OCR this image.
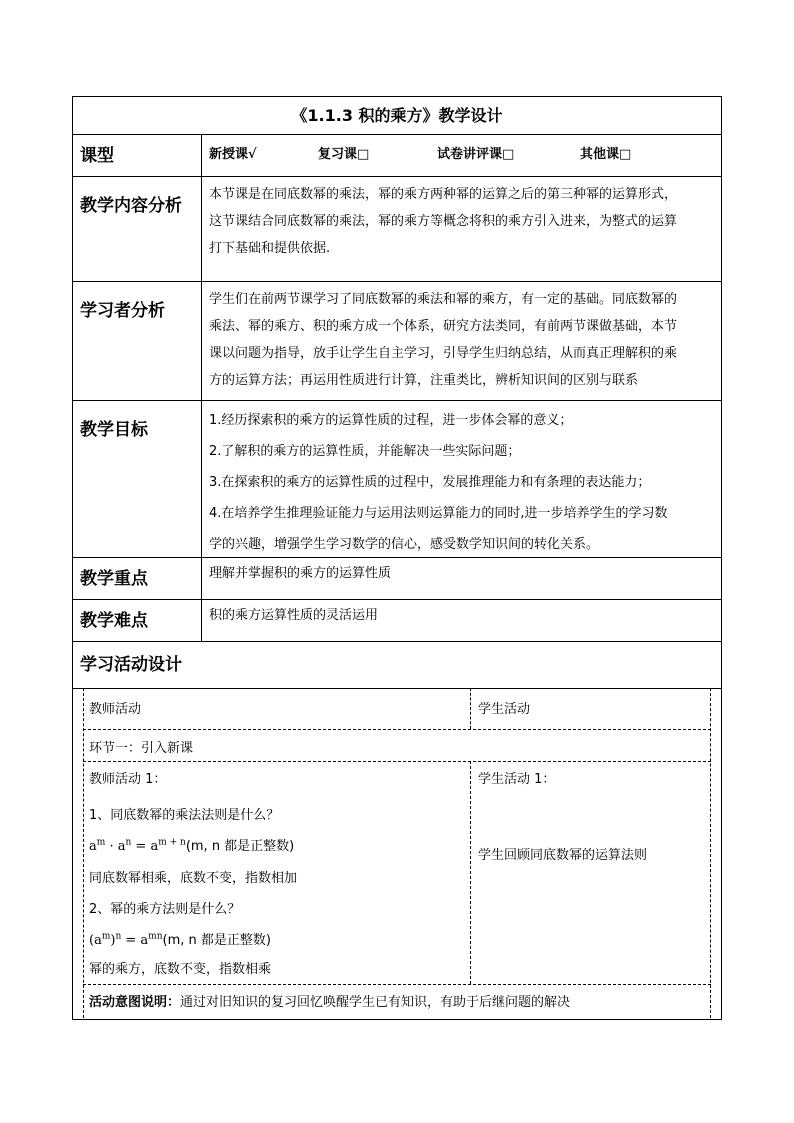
《1.1.3 积的乘方》教学设计
课型	新授课√	复习课□	试卷讲评课□	其他课□
教学内容分析
本节课是在同底数幂的乘法，幂的乘方两种幂的运算之后的第三种幂的运算形式，
这节课结合同底数幂的乘法，幂的乘方等概念将积的乘方引入进来，为整式的运算
打下基础和提供依据.
学习者分析
学生们在前两节课学习了同底数幂的乘法和幂的乘方，有一定的基础。同底数幂的
乘法、幂的乘方、积的乘方成一个体系，研究方法类同，有前两节课做基础，本节
课以问题为指导，放手让学生自主学习，引导学生归纳总结，从而真正理解积的乘
方的运算方法；再运用性质进行计算，注重类比，辨析知识间的区别与联系
教学目标	1.经历探索积的乘方的运算性质的过程，进一步体会幂的意义；
2.了解积的乘方的运算性质，并能解决一些实际问题；
3.在探索积的乘方的运算性质的过程中，发展推理能力和有条理的表达能力；
4.在培养学生推理验证能力与运用法则运算能力的同时,进一步培养学生的学习数
学的兴趣，增强学生学习数学的信心，感受数学知识间的转化关系。
教学重点	理解并掌握积的乘方的运算性质
教学难点	积的乘方运算性质的灵活运用
学习活动设计
教师活动	学生活动
环节一：引入新课
教师活动 1：
1、同底数幂的乘法法则是什么？
$a^m \cdot a^n = a^{m + n}(m$, n 都是正整数)
同底数幂相乘，底数不变，指数相加
2、幂的乘方法则是什么？
$(a^m)^n = a^{mn}(m$, n 都是正整数)
幂的乘方，底数不变，指数相乘
学生活动 1：
学生回顾同底数幂的运算法则
活动意图说明：通过对旧知识的复习回忆唤醒学生已有知识，有助于后继问题的解决
